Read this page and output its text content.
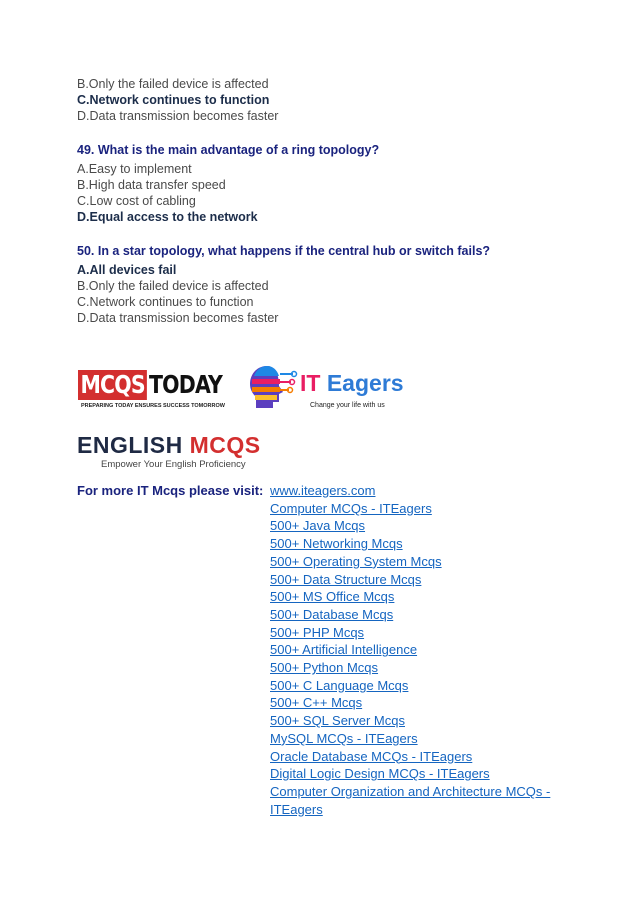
B.Only the failed device is affected
C.Network continues to function
D.Data transmission becomes faster
49. What is the main advantage of a ring topology?
A.Easy to implement
B.High data transfer speed
C.Low cost of cabling
D.Equal access to the network
50. In a star topology, what happens if the central hub or switch fails?
A.All devices fail
B.Only the failed device is affected
C.Network continues to function
D.Data transmission becomes faster
MCQS TODAY
PREPARING TODAY ENSURES SUCCESS TOMORROW
IT Eagers
Change your life with us
ENGLISH MCQS
Empower Your English Proficiency
For more IT Mcqs please visit: www.iteagers.com
Computer MCQs - ITEagers
500+ Java Mcqs
500+ Networking Mcqs
500+ Operating System Mcqs
500+ Data Structure Mcqs
500+ MS Office Mcqs
500+ Database Mcqs
500+ PHP Mcqs
500+ Artificial Intelligence
500+ Python Mcqs
500+ C Language Mcqs
500+ C++ Mcqs
500+ SQL Server Mcqs
MySQL MCQs - ITEagers
Oracle Database MCQs - ITEagers
Digital Logic Design MCQs - ITEagers
Computer Organization and Architecture MCQs -
ITEagers
